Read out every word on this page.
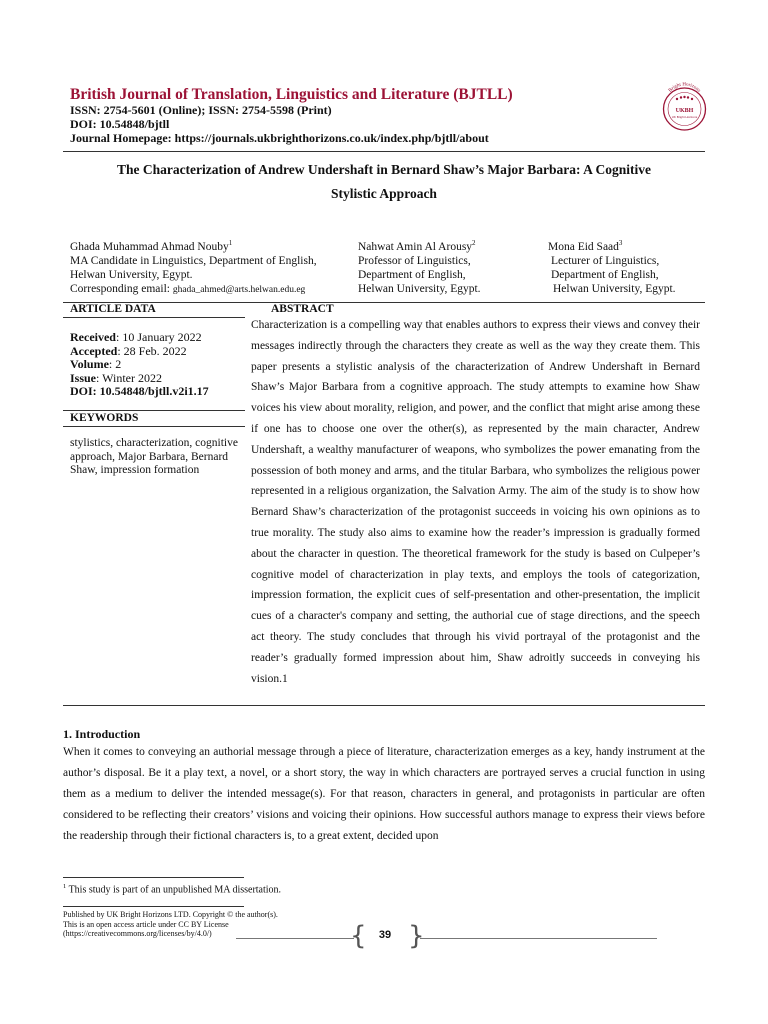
British Journal of Translation, Linguistics and Literature (BJTLL)
ISSN: 2754-5601 (Online); ISSN: 2754-5598 (Print)
DOI: 10.54848/bjtll
Journal Homepage: https://journals.ukbrighthorizons.co.uk/index.php/bjtll/about
Bright Horizons
UKBH
UK Bright Horizons
The Characterization of Andrew Undershaft in Bernard Shaw’s Major Barbara: A Cognitive
Stylistic Approach
Ghada Muhammad Ahmad Nouby$^1$
MA Candidate in Linguistics, Department of English,
Helwan University, Egypt.
Corresponding email: ghada_ahmed@arts.helwan.edu.eg
Nahwat Amin Al Arousy$^2$
Professor of Linguistics,
Department of English,
Helwan University, Egypt.
Mona Eid Saad$^3$
Lecturer of Linguistics,
Department of English,
Helwan University, Egypt.
ARTICLE DATA	ABSTRACT
Received: 10 January 2022
Accepted: 28 Feb. 2022
Volume: 2
Issue: Winter 2022
DOI: 10.54848/bjtll.v2i1.17
KEYWORDS
stylistics, characterization, cognitive approach, Major Barbara, Bernard Shaw, impression formation
Characterization is a compelling way that enables authors to express their views and convey their messages indirectly through the characters they create as well as the way they create them. This paper presents a stylistic analysis of the characterization of Andrew Undershaft in Bernard Shaw’s Major Barbara from a cognitive approach. The study attempts to examine how Shaw voices his view about morality, religion, and power, and the conflict that might arise among these if one has to choose one over the other(s), as represented by the main character, Andrew Undershaft, a wealthy manufacturer of weapons, who symbolizes the power emanating from the possession of both money and arms, and the titular Barbara, who symbolizes the religious power represented in a religious organization, the Salvation Army. The aim of the study is to show how Bernard Shaw’s characterization of the protagonist succeeds in voicing his own opinions as to true morality. The study also aims to examine how the reader’s impression is gradually formed about the character in question. The theoretical framework for the study is based on Culpeper’s cognitive model of characterization in play texts, and employs the tools of categorization, impression formation, the explicit cues of self-presentation and other-presentation, the implicit cues of a character's company and setting, the authorial cue of stage directions, and the speech act theory. The study concludes that through his vivid portrayal of the protagonist and the reader’s gradually formed impression about him, Shaw adroitly succeeds in conveying his vision.1
1. Introduction
When it comes to conveying an authorial message through a piece of literature, characterization emerges as a key, handy instrument at the author’s disposal. Be it a play text, a novel, or a short story, the way in which characters are portrayed serves a crucial function in using them as a medium to deliver the intended message(s). For that reason, characters in general, and protagonists in particular are often considered to be reflecting their creators’ visions and voicing their opinions. How successful authors manage to express their views before the readership through their fictional characters is, to a great extent, decided upon
$^1$ This study is part of an unpublished MA dissertation.
Published by UK Bright Horizons LTD. Copyright © the author(s).
This is an open access article under CC BY License
(https://creativecommons.org/licenses/by/4.0/)	{	39 }
